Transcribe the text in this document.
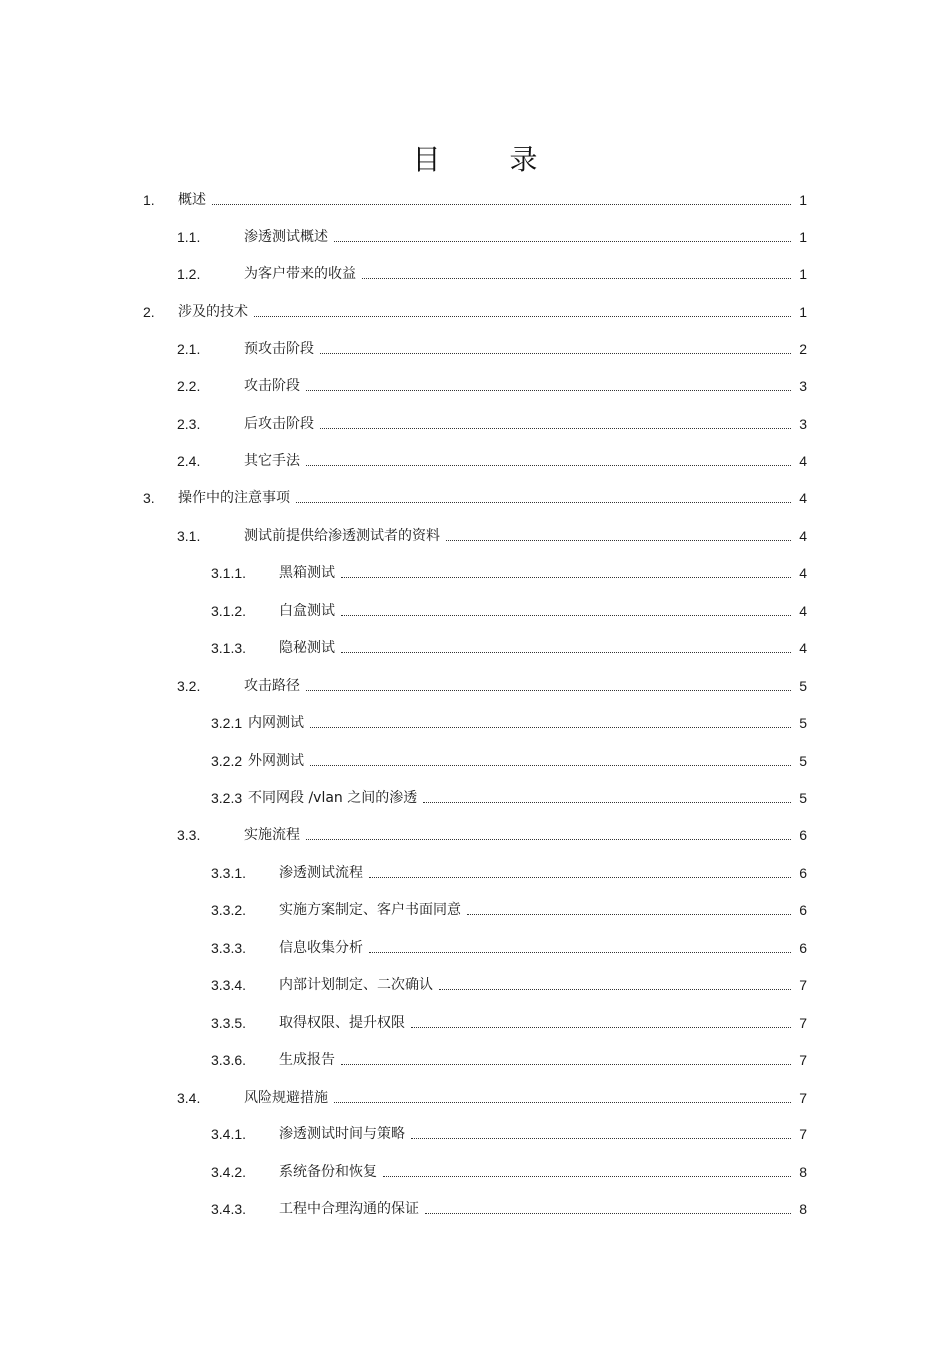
目 录
1.	概述	1
1.1.	渗透测试概述	1
1.2.	为客户带来的收益	1
2.	涉及的技术	1
2.1.	预攻击阶段	2
2.2.	攻击阶段	3
2.3.	后攻击阶段	3
2.4.	其它手法	4
3.	操作中的注意事项	4
3.1.	测试前提供给渗透测试者的资料	4
3.1.1.	黑箱测试	4
3.1.2.	白盒测试	4
3.1.3.	隐秘测试	4
3.2.	攻击路径	5
3.2.1 内网测试	5
3.2.2 外网测试	5
3.2.3 不同网段 /vlan 之间的渗透	5
3.3.	实施流程	6
3.3.1.	渗透测试流程	6
3.3.2.	实施方案制定、客户书面同意	6
3.3.3.	信息收集分析	6
3.3.4.	内部计划制定、二次确认	7
3.3.5.	取得权限、提升权限	7
3.3.6.	生成报告	7
3.4.	风险规避措施	7
3.4.1.	渗透测试时间与策略	7
3.4.2.	系统备份和恢复	8
3.4.3.	工程中合理沟通的保证	8
